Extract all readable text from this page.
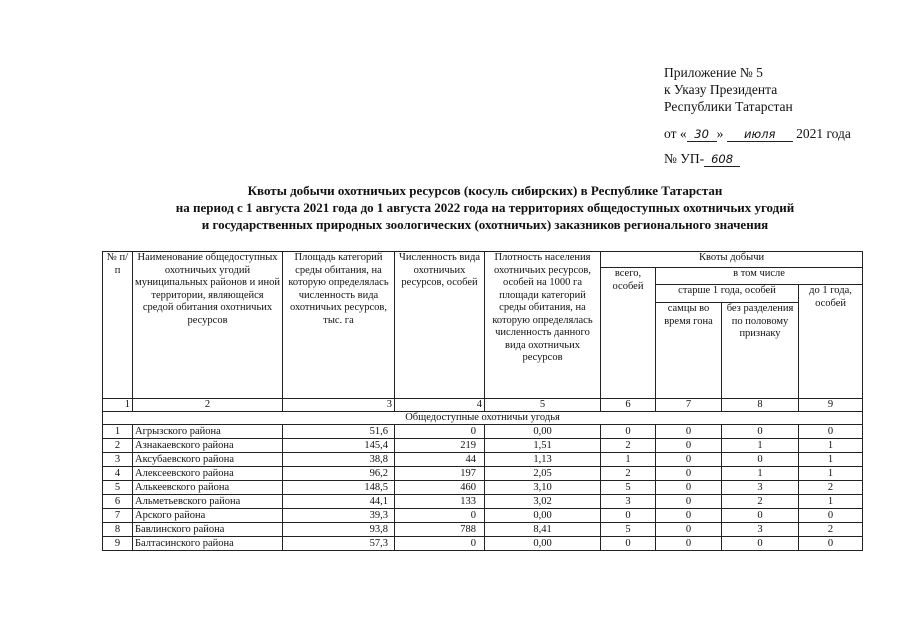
Приложение № 5
к Указу Президента
Республики Татарстан
от « 30 » июля 2021 года
№ УП- 608
Квоты добычи охотничьих ресурсов (косуль сибирских) в Республике Татарстан
на период с 1 августа 2021 года до 1 августа 2022 года на территориях общедоступных охотничьих угодий
и государственных природных зоологических (охотничьих) заказников регионального значения
№ п/п	Наименование общедоступных охотничьих угодий муниципальных районов и иной территории, являющейся средой обитания охотничьих ресурсов	Площадь категорий среды обитания, на которую определялась численность вида охотничьих ресурсов, тыс. га	Численность вида охотничьих ресурсов, особей	Плотность населения охотничьих ресурсов, особей на 1000 га площади категорий среды обитания, на которую определялась численность данного вида охотничьих ресурсов	Квоты добычи			
					всего, особей	в том числе		
						старше 1 года, особей		до 1 года, особей
						самцы во время гона	без разделения по половому признаку	
1	2	3	4	5	6	7	8	9
Общедоступные охотничьи угодья								
1	Агрызского района	51,6	0	0,00	0	0	0	0
2	Азнакаевского района	145,4	219	1,51	2	0	1	1
3	Аксубаевского района	38,8	44	1,13	1	0	0	1
4	Алексеевского района	96,2	197	2,05	2	0	1	1
5	Алькеевского района	148,5	460	3,10	5	0	3	2
6	Альметьевского района	44,1	133	3,02	3	0	2	1
7	Арского района	39,3	0	0,00	0	0	0	0
8	Бавлинского района	93,8	788	8,41	5	0	3	2
9	Балтасинского района	57,3	0	0,00	0	0	0	0
